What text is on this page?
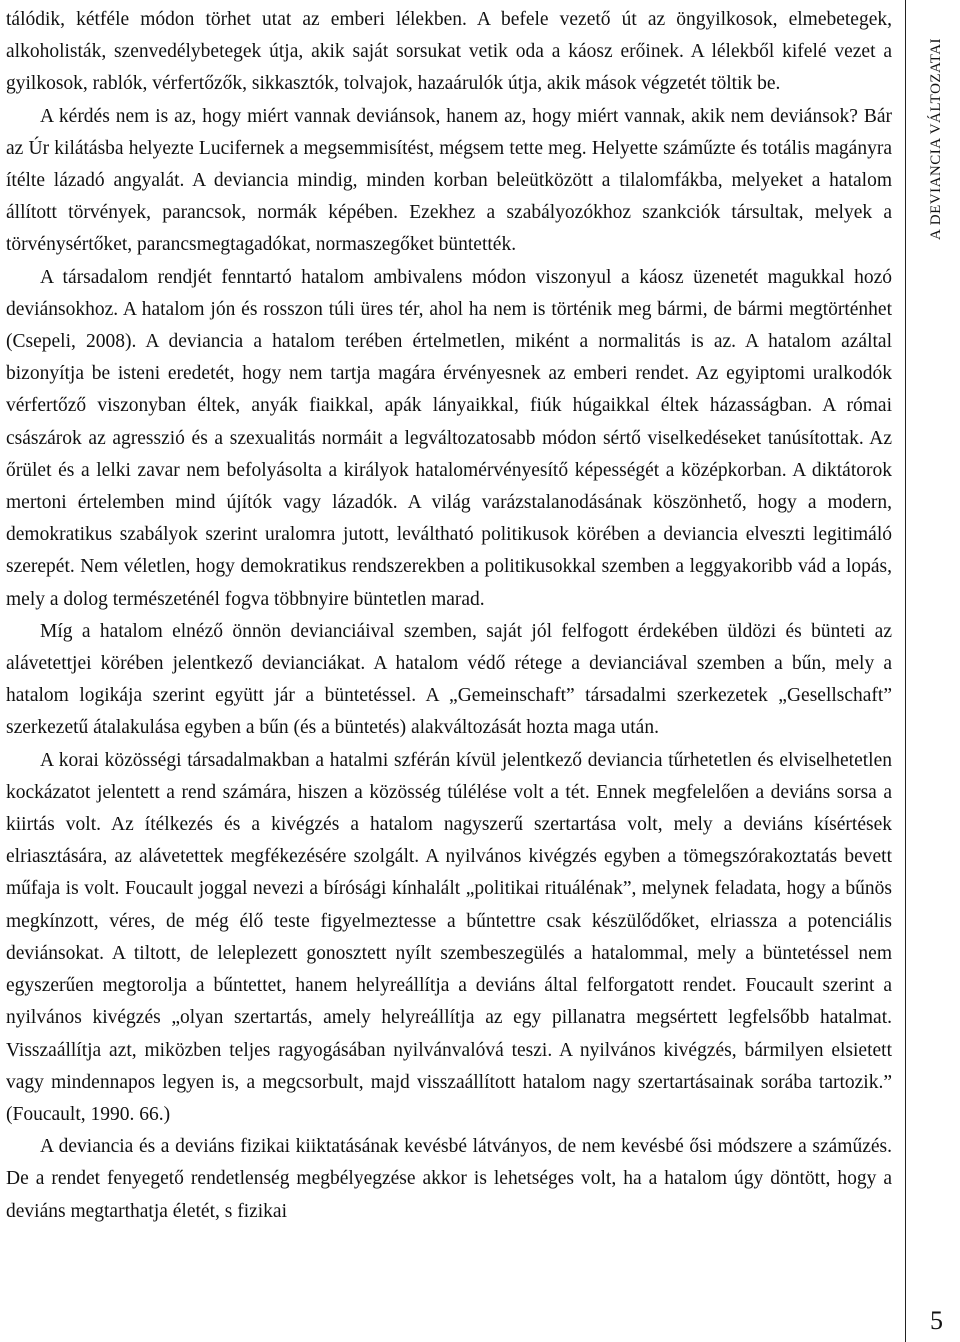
tálódik, kétféle módon törhet utat az emberi lélekben. A befele vezető út az öngyilkosok, elmebetegek, alkoholisták, szenvedélybetegek útja, akik saját sorsukat vetik oda a káosz erőinek. A lélekből kifelé vezet a gyilkosok, rablók, vérfertőzők, sikkasztók, tolvajok, hazaárulók útja, akik mások végzetét töltik be.

A kérdés nem is az, hogy miért vannak deviánsok, hanem az, hogy miért vannak, akik nem deviánsok? Bár az Úr kilátásba helyezte Lucifernek a megsemmisítést, mégsem tette meg. Helyette száműzte és totális magányra ítélte lázadó angyalát. A deviancia mindig, minden korban beleütközött a tilalomfákba, melyeket a hatalom állított törvények, parancsok, normák képében. Ezekhez a szabályozókhoz szankciók társultak, melyek a törvénysértőket, parancsmegtagadókat, normaszegőket büntették.

A társadalom rendjét fenntartó hatalom ambivalens módon viszonyul a káosz üzenetét magukkal hozó deviánsokhoz. A hatalom jón és rosszon túli üres tér, ahol ha nem is történik meg bármi, de bármi megtörténhet (Csepeli, 2008). A deviancia a hatalom terében értelmetlen, miként a normalitás is az. A hatalom azáltal bizonyítja be isteni eredetét, hogy nem tartja magára érvényesnek az emberi rendet. Az egyiptomi uralkodók vérfertőző viszonyban éltek, anyák fiaikkal, apák lányaikkal, fiúk húgaikkal éltek házasságban. A római császárok az agresszió és a szexualitás normáit a legváltozatosabb módon sértő viselkedéseket tanúsítottak. Az őrület és a lelki zavar nem befolyásolta a királyok hatalomérvényesítő képességét a középkorban. A diktátorok mertoni értelemben mind újítók vagy lázadók. A világ varázstalanodásának köszönhető, hogy a modern, demokratikus szabályok szerint uralomra jutott, leváltható politikusok körében a deviancia elveszti legitimáló szerepét. Nem véletlen, hogy demokratikus rendszerekben a politikusokkal szemben a leggyakoribb vád a lopás, mely a dolog természeténél fogva többnyire büntetlen marad.

Míg a hatalom elnéző önnön devianciáival szemben, saját jól felfogott érdekében üldözi és bünteti az alávetettjei körében jelentkező devianciákat. A hatalom védő rétege a devianciával szemben a bűn, mely a hatalom logikája szerint együtt jár a büntetéssel. A „Gemeinschaft” társadalmi szerkezetek „Gesellschaft” szerkezetű átalakulása egyben a bűn (és a büntetés) alakváltozását hozta maga után.

A korai közösségi társadalmakban a hatalmi szférán kívül jelentkező deviancia tűrhetetlen és elviselhetetlen kockázatot jelentett a rend számára, hiszen a közösség túlélése volt a tét. Ennek megfelelően a deviáns sorsa a kiirtás volt. Az ítélkezés és a kivégzés a hatalom nagyszerű szertartása volt, mely a deviáns kísértések elriasztására, az alávetettek megfékezésére szolgált. A nyilvános kivégzés egyben a tömegszórakoztatás bevett műfaja is volt. Foucault joggal nevezi a bírósági kínhalált „politikai rituálénak”, melynek feladata, hogy a bűnös megkínzott, véres, de még élő teste figyelmeztesse a bűntettre csak készülődőket, elriassza a potenciális deviánsokat. A tiltott, de leleplezett gonosztett nyílt szembeszegülés a hatalommal, mely a büntetéssel nem egyszerűen megtorolja a bűntettet, hanem helyreállítja a deviáns által felforgatott rendet. Foucault szerint a nyilvános kivégzés „olyan szertartás, amely helyreállítja az egy pillanatra megsértett legfelsőbb hatalmat. Visszaállítja azt, miközben teljes ragyogásában nyilvánvalóvá teszi. A nyilvános kivégzés, bármilyen elsietett vagy mindennapos legyen is, a megcsorbult, majd visszaállított hatalom nagy szertartásainak sorába tartozik.” (Foucault, 1990. 66.)

A deviancia és a deviáns fizikai kiiktatásának kevésbé látványos, de nem kevésbé ősi módszere a száműzés. De a rendet fenyegető rendetlenség megbélyegzése akkor is lehetséges volt, ha a hatalom úgy döntött, hogy a deviáns megtarthatja életét, s fizikai

A DEVIANCIA VÁLTOZATAI
5
